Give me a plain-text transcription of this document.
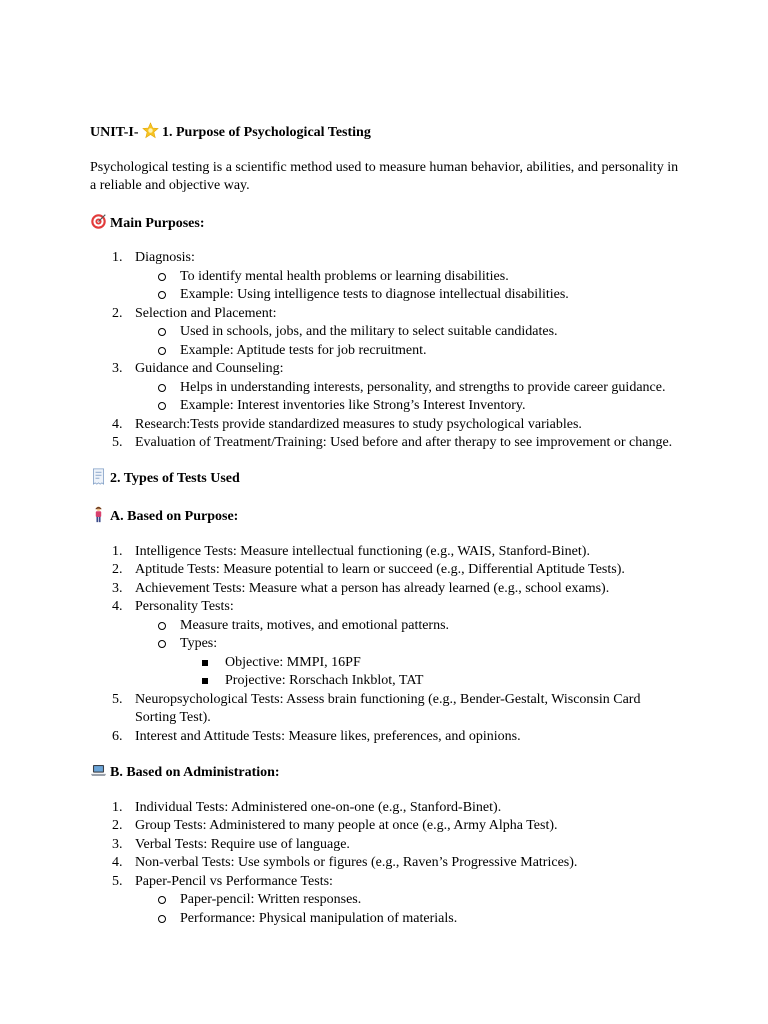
UNIT-I- 1. Purpose of Psychological Testing

Psychological testing is a scientific method used to measure human behavior, abilities, and personality in a reliable and objective way.

Main Purposes:

1. Diagnosis:
To identify mental health problems or learning disabilities.
Example: Using intelligence tests to diagnose intellectual disabilities.
2. Selection and Placement:
Used in schools, jobs, and the military to select suitable candidates.
Example: Aptitude tests for job recruitment.
3. Guidance and Counseling:
Helps in understanding interests, personality, and strengths to provide career guidance.
Example: Interest inventories like Strong’s Interest Inventory.
4. Research:Tests provide standardized measures to study psychological variables.
5. Evaluation of Treatment/Training: Used before and after therapy to see improvement or change.

2. Types of Tests Used

A. Based on Purpose:

1. Intelligence Tests: Measure intellectual functioning (e.g., WAIS, Stanford-Binet).
2. Aptitude Tests: Measure potential to learn or succeed (e.g., Differential Aptitude Tests).
3. Achievement Tests: Measure what a person has already learned (e.g., school exams).
4. Personality Tests:
Measure traits, motives, and emotional patterns.
Types:
Objective: MMPI, 16PF
Projective: Rorschach Inkblot, TAT
5. Neuropsychological Tests: Assess brain functioning (e.g., Bender-Gestalt, Wisconsin Card Sorting Test).
6. Interest and Attitude Tests: Measure likes, preferences, and opinions.

B. Based on Administration:

1. Individual Tests: Administered one-on-one (e.g., Stanford-Binet).
2. Group Tests: Administered to many people at once (e.g., Army Alpha Test).
3. Verbal Tests: Require use of language.
4. Non-verbal Tests: Use symbols or figures (e.g., Raven’s Progressive Matrices).
5. Paper-Pencil vs Performance Tests:
Paper-pencil: Written responses.
Performance: Physical manipulation of materials.
